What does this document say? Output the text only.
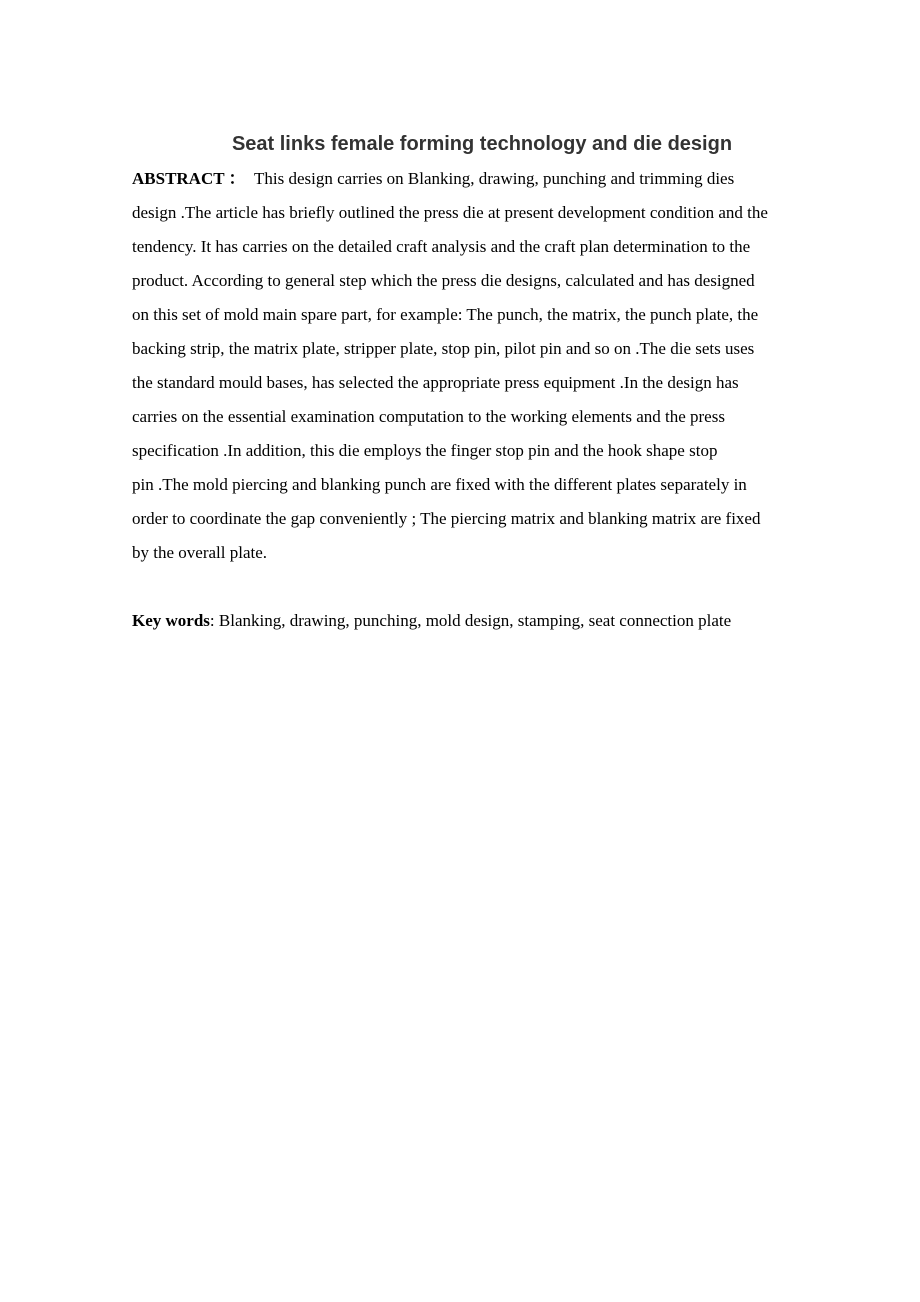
Seat links female forming technology and die design
ABSTRACT ： This design carries on Blanking, drawing, punching and trimming dies
design .The article has briefly outlined the press die at present development condition and the
tendency. It has carries on the detailed craft analysis and the craft plan determination to the
product. According to general step which the press die designs, calculated and has designed
on this set of mold main spare part, for example: The punch, the matrix, the punch plate, the
backing strip, the matrix plate, stripper plate, stop pin, pilot pin and so on .The die sets uses
the standard mould bases, has selected the appropriate press equipment .In the design has
carries on the essential examination computation to the working elements and the press
specification .In addition, this die employs the finger stop pin and the hook shape stop
pin .The mold piercing and blanking punch are fixed with the different plates separately in
order to coordinate the gap conveniently ; The piercing matrix and blanking matrix are fixed
by the overall plate.

Key words: Blanking, drawing, punching, mold design, stamping, seat connection plate
